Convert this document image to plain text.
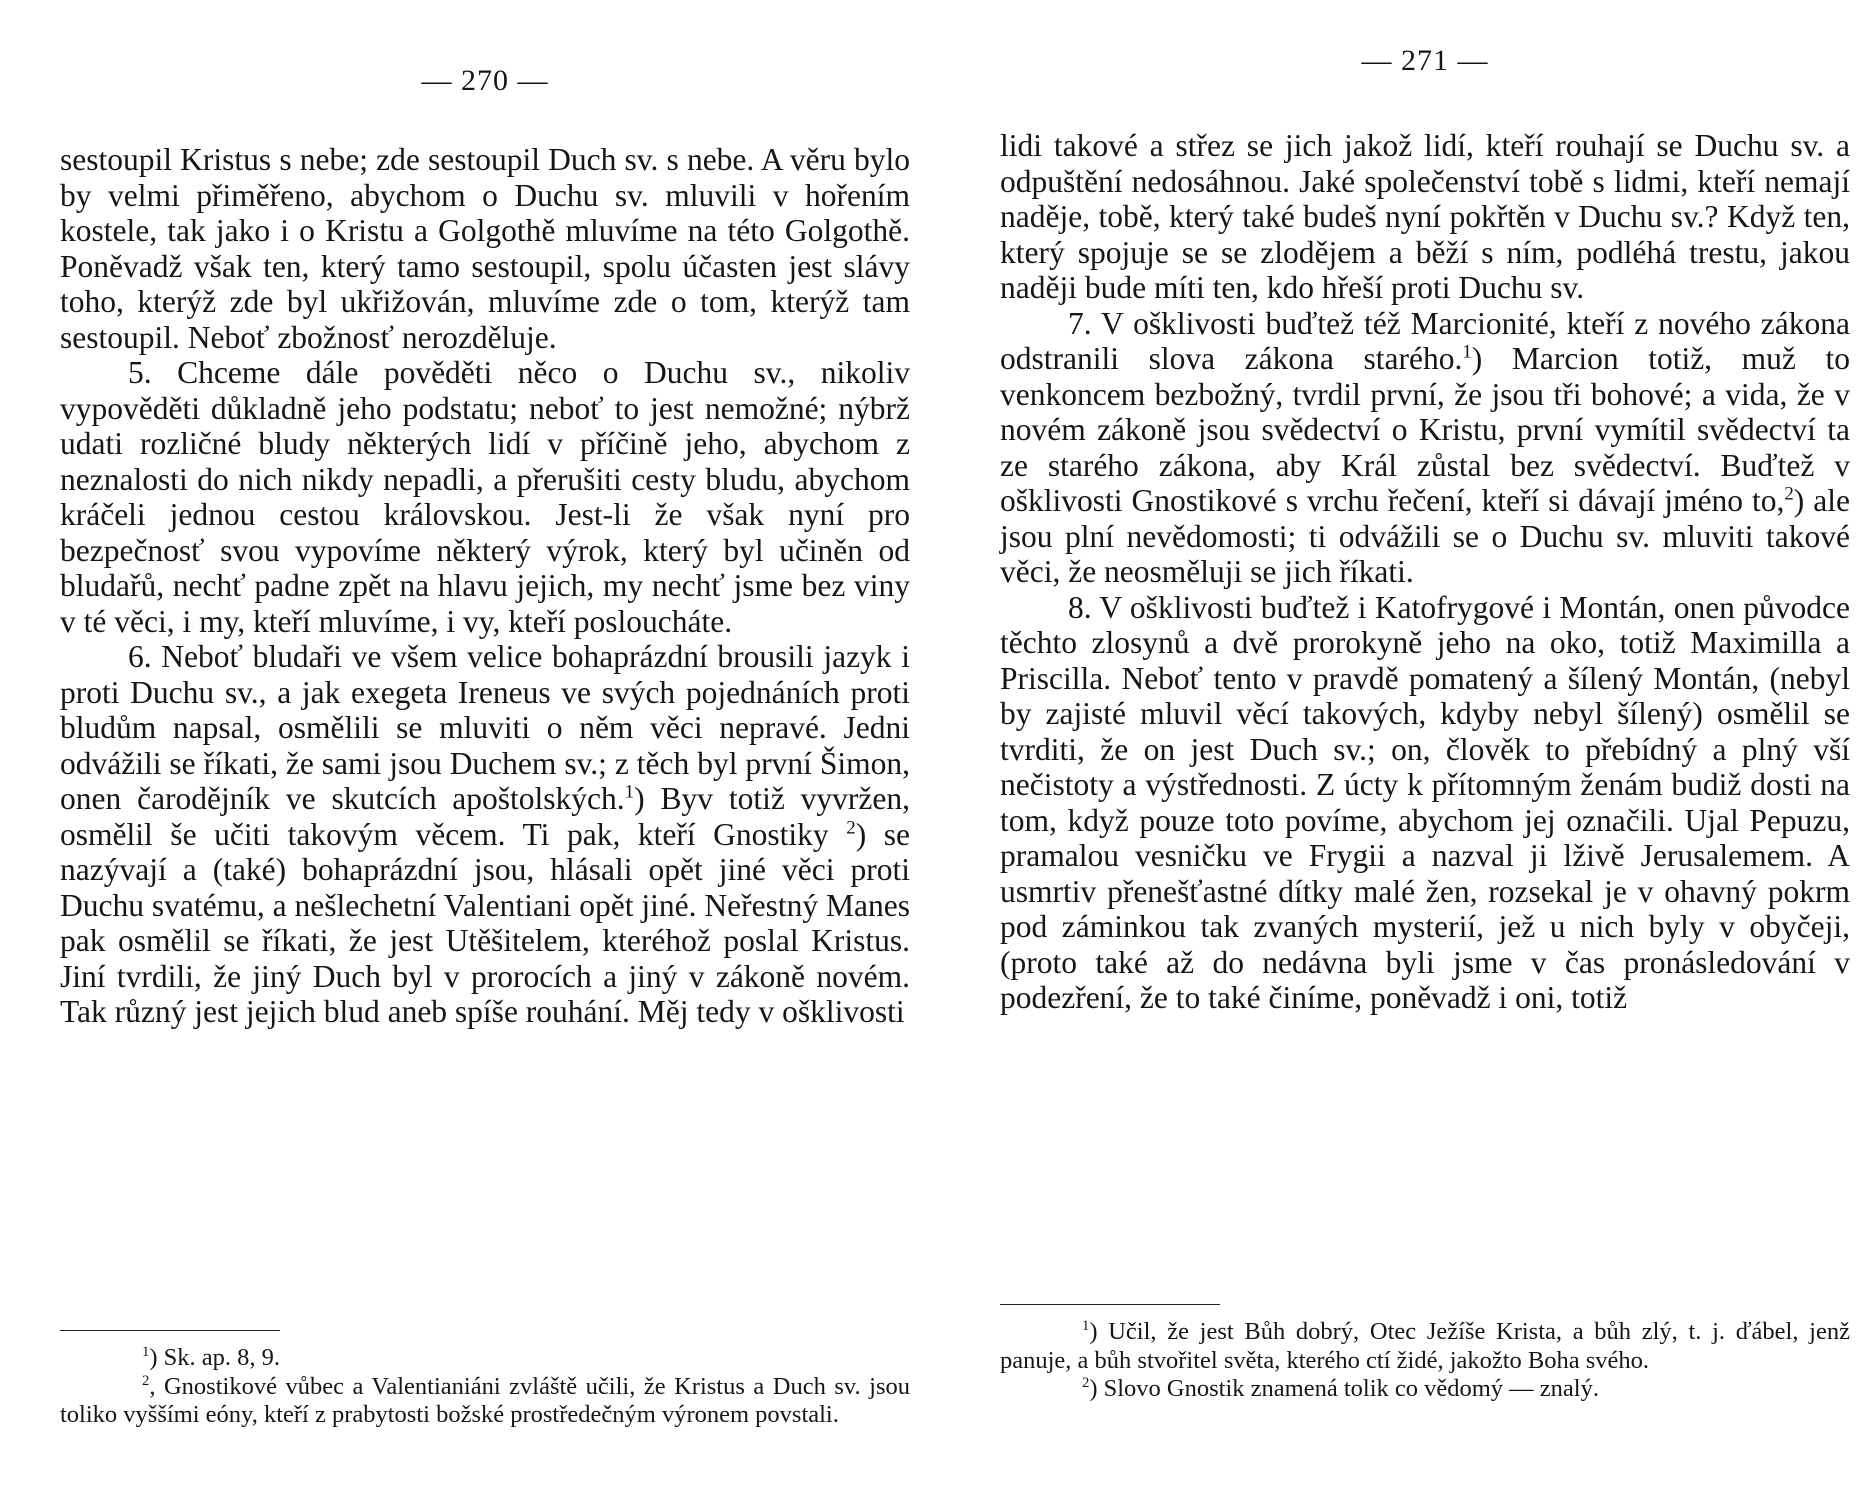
— 270 —

sestoupil Kristus s nebe; zde sestoupil Duch sv. s nebe. A věru bylo by velmi přiměřeno, abychom o Duchu sv. mluvili v hořením kostele, tak jako i o Kristu a Golgothě mluvíme na této Golgothě. Poněvadž však ten, který tamo sestoupil, spolu účasten jest slávy toho, kterýž zde byl ukřižován, mluvíme zde o tom, kterýž tam sestoupil. Neboť zbožnosť nerozděluje.

5. Chceme dále pověděti něco o Duchu sv., nikoliv vypověděti důkladně jeho podstatu; neboť to jest nemožné; nýbrž udati rozličné bludy některých lidí v příčině jeho, abychom z neznalosti do nich nikdy nepadli, a přerušiti cesty bludu, abychom kráčeli jednou cestou královskou. Jest-li že však nyní pro bezpečnosť svou vypovíme některý výrok, který byl učiněn od bludařů, nechť padne zpět na hlavu jejich, my nechť jsme bez viny v té věci, i my, kteří mluvíme, i vy, kteří posloucháte.

6. Neboť bludaři ve všem velice bohaprázdní brousili jazyk i proti Duchu sv., a jak exegeta Ireneus ve svých pojednáních proti bludům napsal, osmělili se mluviti o něm věci nepravé. Jedni odvážili se říkati, že sami jsou Duchem sv.; z těch byl první Šimon, onen čarodějník ve skutcích apoštolských.$^1$) Byv totiž vyvržen, osmělil še učiti takovým věcem. Ti pak, kteří Gnostiky $^2$) se nazývají a (také) bohaprázdní jsou, hlásali opět jiné věci proti Duchu svatému, a nešlechetní Valentiani opět jiné. Neřestný Manes pak osmělil se říkati, že jest Utěšitelem, kteréhož poslal Kristus. Jiní tvrdili, že jiný Duch byl v prorocích a jiný v zákoně novém. Tak různý jest jejich blud aneb spíše rouhání. Měj tedy v ošklivosti

$^1$) Sk. ap. 8, 9.

$^2$, Gnostikové vůbec a Valentianiáni zvláště učili, že Kristus a Duch sv. jsou toliko vyššími eóny, kteří z prabytosti božské prostředečným výronem povstali.

— 271 —

lidi takové a střez se jich jakož lidí, kteří rouhají se Duchu sv. a odpuštění nedosáhnou. Jaké společenství tobě s lidmi, kteří nemají naděje, tobě, který také budeš nyní pokřtěn v Duchu sv.? Když ten, který spojuje se se zlodějem a běží s ním, podléhá trestu, jakou naději bude míti ten, kdo hřeší proti Duchu sv.

7. V ošklivosti buďtež též Marcionité, kteří z nového zákona odstranili slova zákona starého.$^1$) Marcion totiž, muž to venkoncem bezbožný, tvrdil první, že jsou tři bohové; a vida, že v novém zákoně jsou svědectví o Kristu, první vymítil svědectví ta ze starého zákona, aby Král zůstal bez svědectví. Buďtež v ošklivosti Gnostikové s vrchu řečení, kteří si dávají jméno to,$^2$) ale jsou plní nevědomosti; ti odvážili se o Duchu sv. mluviti takové věci, že neosměluji se jich říkati.

8. V ošklivosti buďtež i Katofrygové i Montán, onen původce těchto zlosynů a dvě prorokyně jeho na oko, totiž Maximilla a Priscilla. Neboť tento v pravdě pomatený a šílený Montán, (nebyl by zajisté mluvil věcí takových, kdyby nebyl šílený) osmělil se tvrditi, že on jest Duch sv.; on, člověk to přebídný a plný vší nečistoty a výstřednosti. Z úcty k přítomným ženám budiž dosti na tom, když pouze toto povíme, abychom jej označili. Ujal Pepuzu, pramalou vesničku ve Frygii a nazval ji lživě Jerusalemem. A usmrtiv přenešťastné dítky malé žen, rozsekal je v ohavný pokrm pod záminkou tak zvaných mysterií, jež u nich byly v obyčeji, (proto také až do nedávna byli jsme v čas pronásledování v podezření, že to také činíme, poněvadž i oni, totiž

$^1$) Učil, že jest Bůh dobrý, Otec Ježíše Krista, a bůh zlý, t. j. ďábel, jenž panuje, a bůh stvořitel světa, kterého ctí židé, jakožto Boha svého.

$^2$) Slovo Gnostik znamená tolik co vědomý — znalý.
